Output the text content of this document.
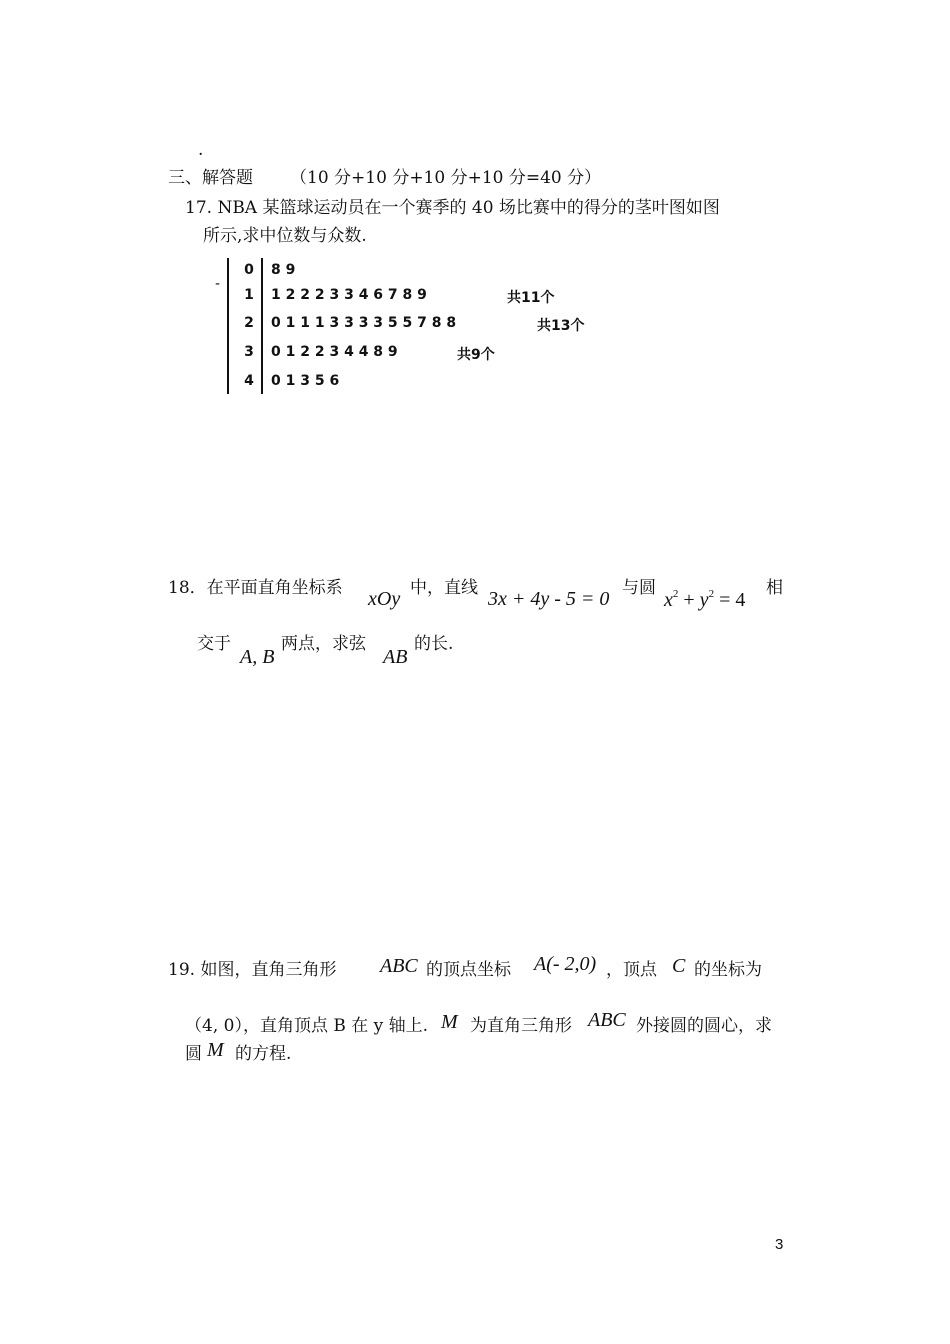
.
三、解答题 （10 分+10 分+10 分+10 分=40 分）
17. NBA 某篮球运动员在一个赛季的 40 场比赛中的得分的茎叶图如图
所示,求中位数与众数.
-
0	8 9
1	1 2 2 2 3 3 4 6 7 8 9	共11个
2	0 1 1 1 3 3 3 3 5 5 7 8 8	共13个
3	0 1 2 2 3 4 4 8 9	共9个
4	0 1 3 5 6
18．在平面直角坐标系 xOy 中，直线 3x + 4y - 5 = 0 与圆
$x^2 + y^2 = 4$
相
交于
A, B
两点，求弦
AB
的长.
19. 如图，直角三角形 ABC 的顶点坐标 A(- 2,0) ，顶点 C 的坐标为
（4, 0），直角顶点 B 在 y 轴上. M 为直角三角形 ABC 外接圆的圆心，求
圆 M 的方程.
3
